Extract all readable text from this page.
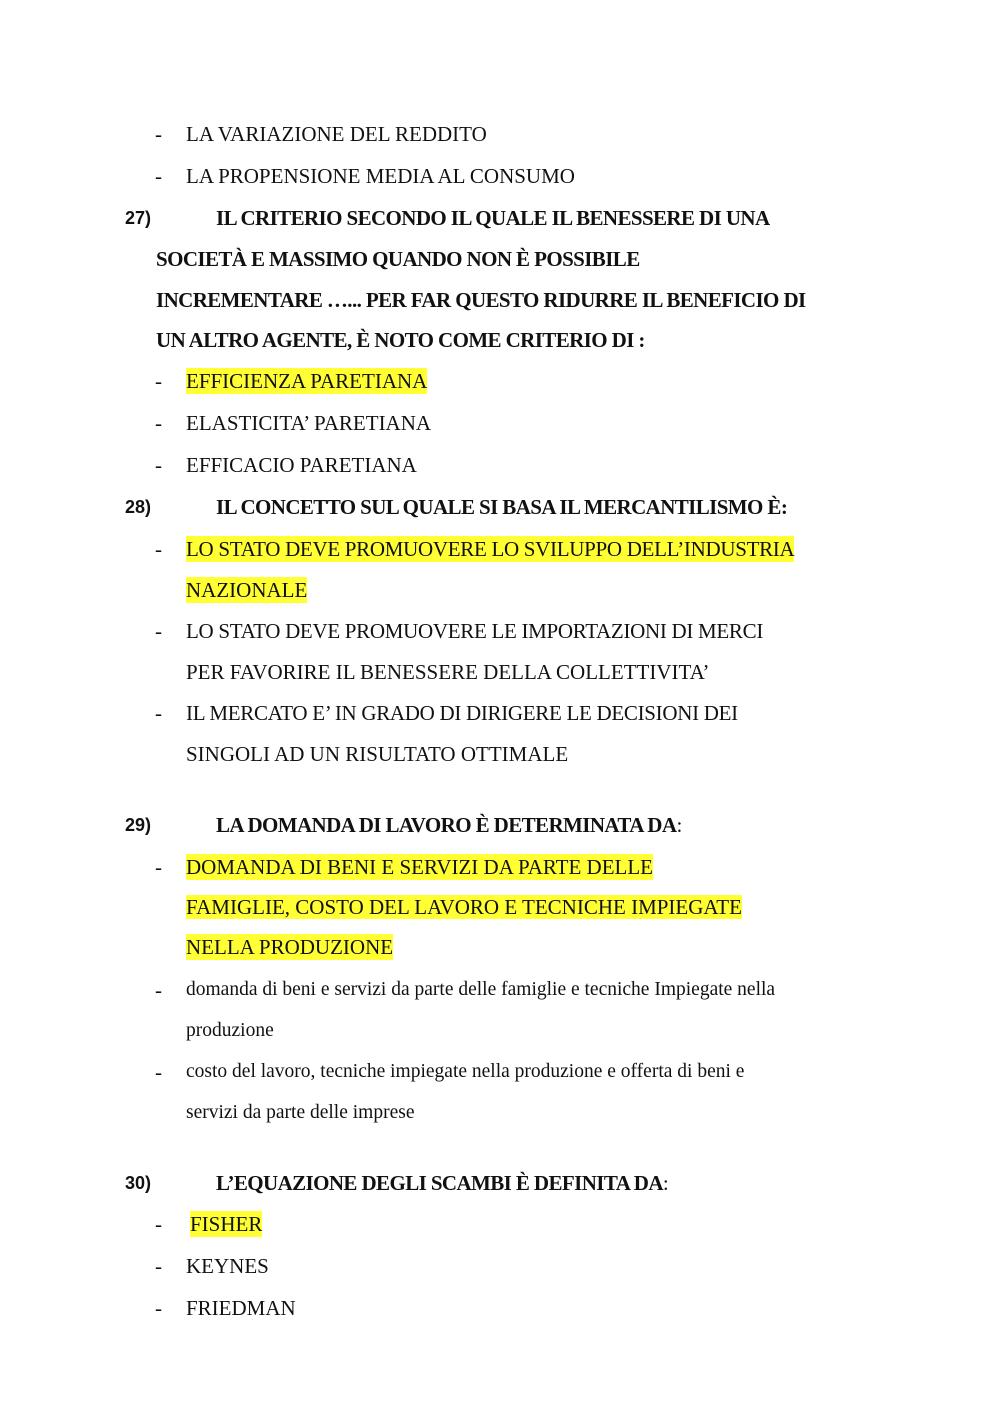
- LA VARIAZIONE DEL REDDITO
- LA PROPENSIONE MEDIA AL CONSUMO
27)	IL CRITERIO SECONDO IL QUALE IL BENESSERE DI UNA
SOCIETÀ E MASSIMO QUANDO NON È POSSIBILE
INCREMENTARE …... PER FAR QUESTO RIDURRE IL BENEFICIO DI
UN ALTRO AGENTE, È NOTO COME CRITERIO DI :
- EFFICIENZA PARETIANA
- ELASTICITA’ PARETIANA
- EFFICACIO PARETIANA
28)	IL CONCETTO SUL QUALE SI BASA IL MERCANTILISMO È:
- LO STATO DEVE PROMUOVERE LO SVILUPPO DELL’INDUSTRIA
NAZIONALE
- LO STATO DEVE PROMUOVERE LE IMPORTAZIONI DI MERCI
PER FAVORIRE IL BENESSERE DELLA COLLETTIVITA’
- IL MERCATO E’ IN GRADO DI DIRIGERE LE DECISIONI DEI
SINGOLI AD UN RISULTATO OTTIMALE
29)	LA DOMANDA DI LAVORO È DETERMINATA DA:
- DOMANDA DI BENI E SERVIZI DA PARTE DELLE
FAMIGLIE, COSTO DEL LAVORO E TECNICHE IMPIEGATE
NELLA PRODUZIONE
- domanda di beni e servizi da parte delle famiglie e tecniche Impiegate nella
produzione
- costo del lavoro, tecniche impiegate nella produzione e offerta di beni e
servizi da parte delle imprese
30)	L’EQUAZIONE DEGLI SCAMBI È DEFINITA DA:
- FISHER
- KEYNES
- FRIEDMAN
